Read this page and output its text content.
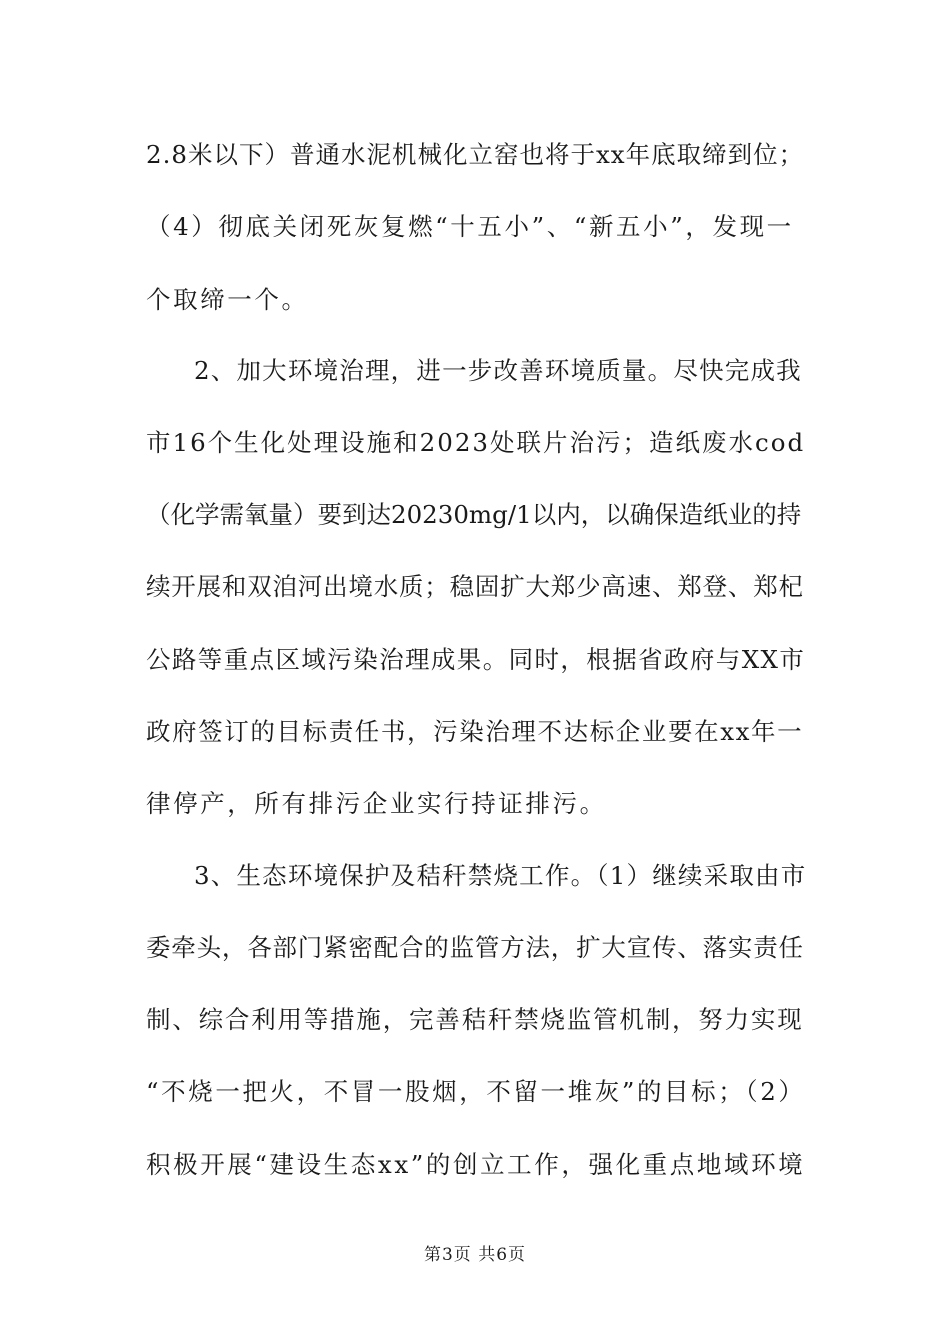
2.8米以下）普通水泥机械化立窑也将于xx年底取缔到位；
（4）彻底关闭死灰复燃“十五小”、“新五小”，发现一
个取缔一个。
2、加大环境治理，进一步改善环境质量。尽快完成我
市16个生化处理设施和2023处联片治污；造纸废水cod
（化学需氧量）要到达20230mg/1以内，以确保造纸业的持
续开展和双洎河出境水质；稳固扩大郑少高速、郑登、郑杞
公路等重点区域污染治理成果。同时，根据省政府与XX市
政府签订的目标责任书，污染治理不达标企业要在xx年一
律停产，所有排污企业实行持证排污。
3、生态环境保护及秸秆禁烧工作。（1）继续采取由市
委牵头，各部门紧密配合的监管方法，扩大宣传、落实责任
制、综合利用等措施，完善秸秆禁烧监管机制，努力实现
“不烧一把火，不冒一股烟，不留一堆灰”的目标；（2）
积极开展“建设生态xx”的创立工作，强化重点地域环境
第3页 共6页
